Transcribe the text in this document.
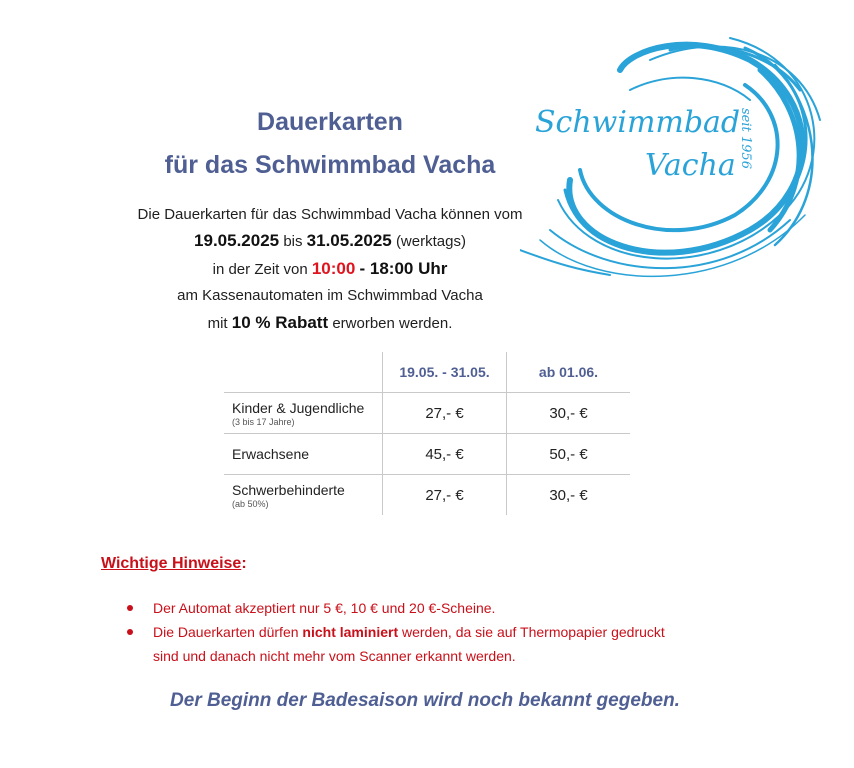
Dauerkarten
für das Schwimmbad Vacha
Schwimmbad
Vacha seit 1956
Die Dauerkarten für das Schwimmbad Vacha können vom
19.05.2025 bis 31.05.2025 (werktags)
in der Zeit von 10:00 - 18:00 Uhr
am Kassenautomaten im Schwimmbad Vacha
mit 10 % Rabatt erworben werden.
	19.05. - 31.05.	ab 01.06.
Kinder & Jugendliche
(3 bis 17 Jahre)	27,- €	30,- €
Erwachsene	45,- €	50,- €
Schwerbehinderte
(ab 50%)	27,- €	30,- €
Wichtige Hinweise:
Der Automat akzeptiert nur 5 €, 10 € und 20 €-Scheine.
Die Dauerkarten dürfen nicht laminiert werden, da sie auf Thermopapier gedruckt
sind und danach nicht mehr vom Scanner erkannt werden.
Der Beginn der Badesaison wird noch bekannt gegeben.
